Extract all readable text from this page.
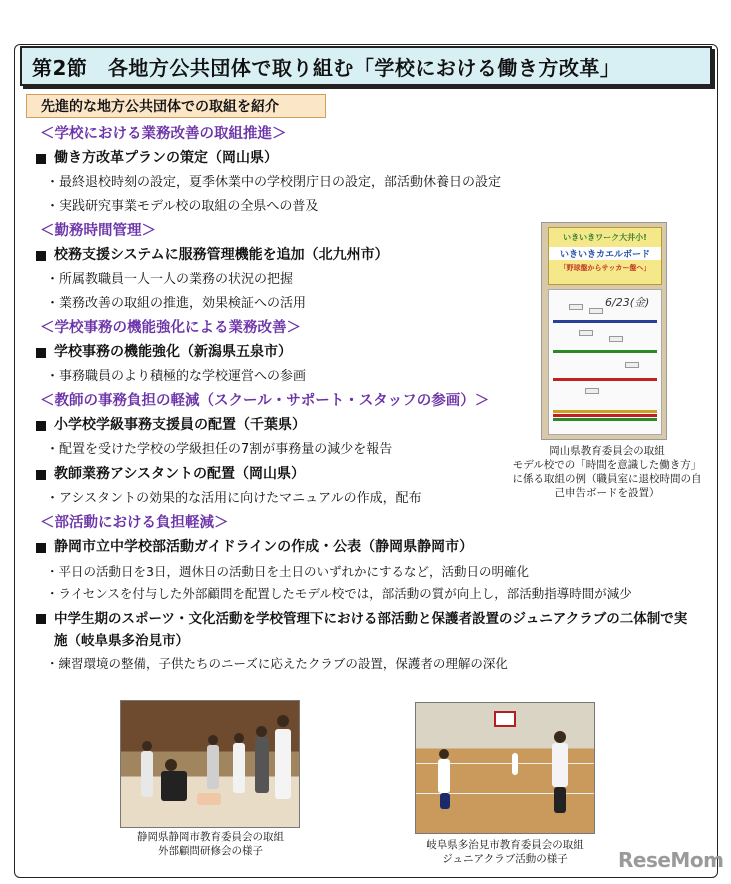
第2節　各地方公共団体で取り組む「学校における働き方改革」
先進的な地方公共団体での取組を紹介
＜学校における業務改善の取組推進＞
働き方改革プランの策定（岡山県）
・最終退校時刻の設定，夏季休業中の学校閉庁日の設定，部活動休養日の設定
・実践研究事業モデル校の取組の全県への普及
＜勤務時間管理＞
校務支援システムに服務管理機能を追加（北九州市）
・所属教職員一人一人の業務の状況の把握
・業務改善の取組の推進，効果検証への活用
＜学校事務の機能強化による業務改善＞
学校事務の機能強化（新潟県五泉市）
・事務職員のより積極的な学校運営への参画
＜教師の事務負担の軽減（スクール・サポート・スタッフの参画）＞
小学校学級事務支援員の配置（千葉県）
・配置を受けた学校の学級担任の7割が事務量の減少を報告
教師業務アシスタントの配置（岡山県）
・アシスタントの効果的な活用に向けたマニュアルの作成，配布
＜部活動における負担軽減＞
静岡市立中学校部活動ガイドラインの作成・公表（静岡県静岡市）
・平日の活動日を3日，週休日の活動日を土日のいずれかにするなど，活動日の明確化
・ライセンスを付与した外部顧問を配置したモデル校では，部活動の質が向上し，部活動指導時間が減少
中学生期のスポーツ・文化活動を学校管理下における部活動と保護者設置のジュニアクラブの二体制で実施（岐阜県多治見市）
・練習環境の整備，子供たちのニーズに応えたクラブの設置，保護者の理解の深化
いきいきワーク大井小!
いきいきカエルボード
「野球盤からサッカー盤へ」
6/23(金)
岡山県教育委員会の取組
モデル校での「時間を意識した働き方」に係る取組の例（職員室に退校時間の自己申告ボードを設置）
静岡県静岡市教育委員会の取組
外部顧問研修会の様子	岐阜県多治見市教育委員会の取組
ジュニアクラブ活動の様子	ReseMom
